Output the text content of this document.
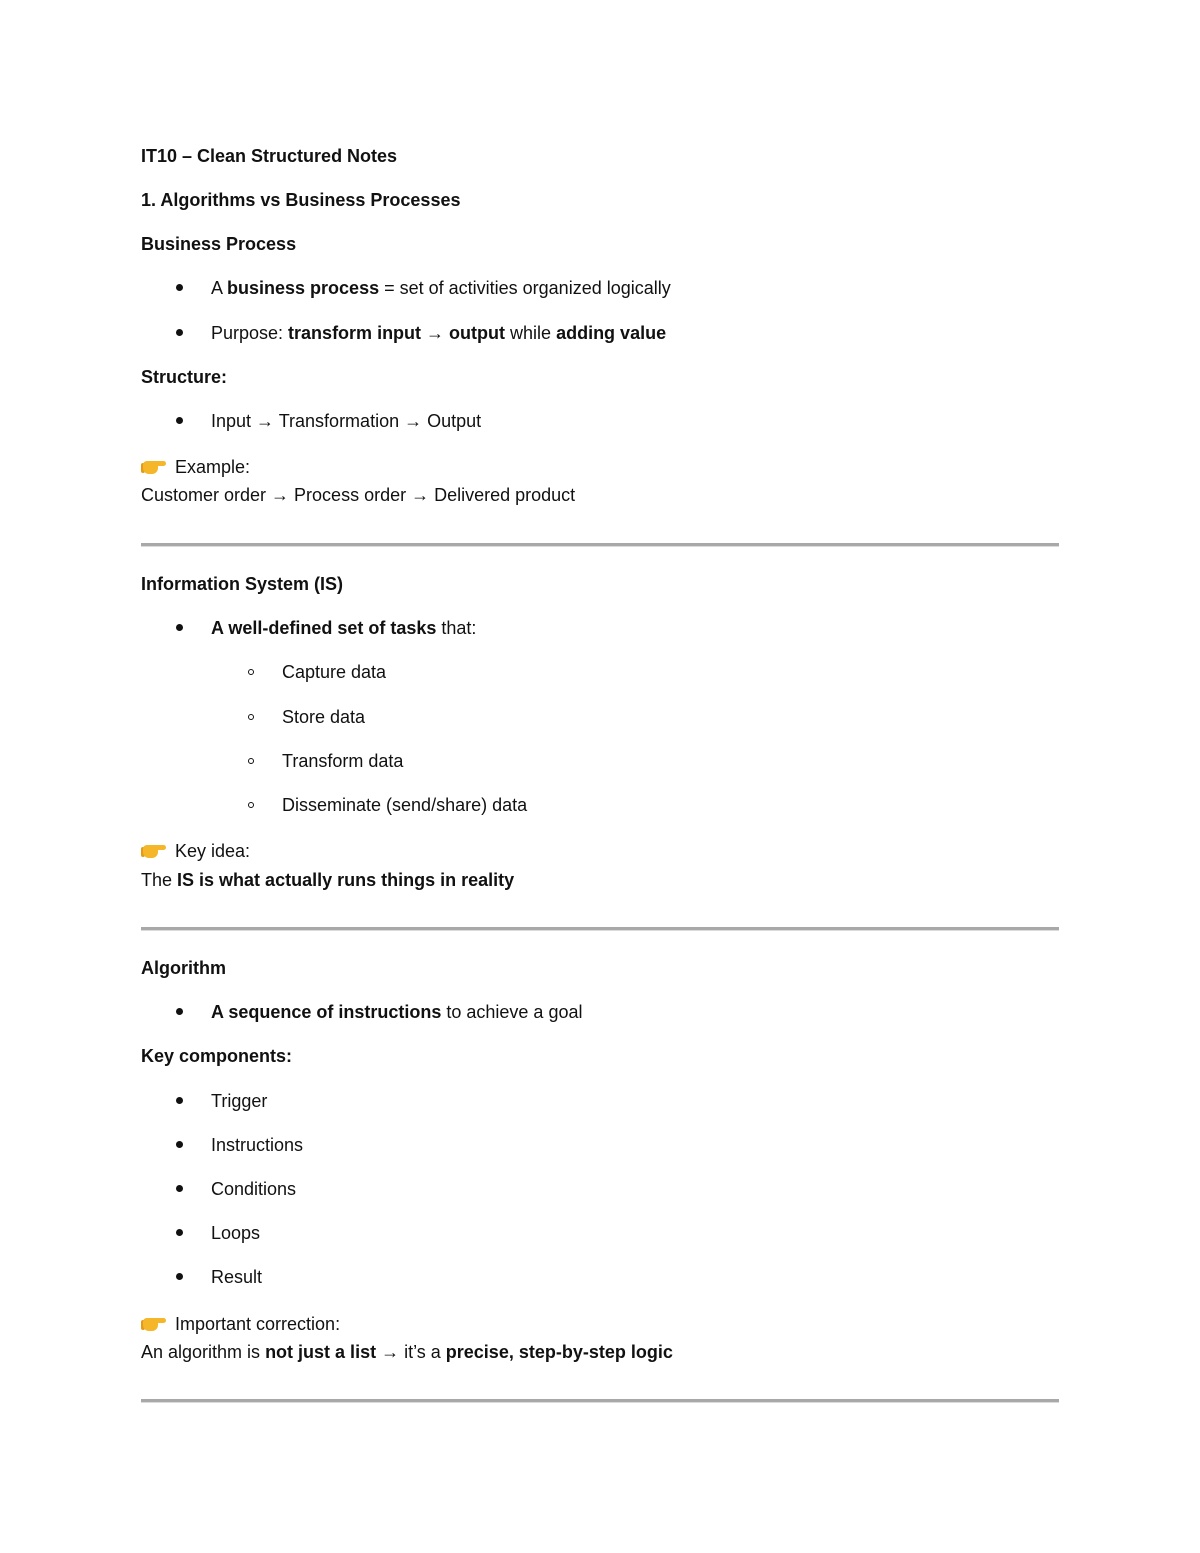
IT10 – Clean Structured Notes
1. Algorithms vs Business Processes
Business Process
A business process = set of activities organized logically
Purpose: transform input → output while adding value
Structure:
Input → Transformation → Output
Example:
Customer order → Process order → Delivered product
Information System (IS)
A well-defined set of tasks that:
Capture data
Store data
Transform data
Disseminate (send/share) data
Key idea:
The IS is what actually runs things in reality
Algorithm
A sequence of instructions to achieve a goal
Key components:
Trigger
Instructions
Conditions
Loops
Result
Important correction:
An algorithm is not just a list → it’s a precise, step-by-step logic
